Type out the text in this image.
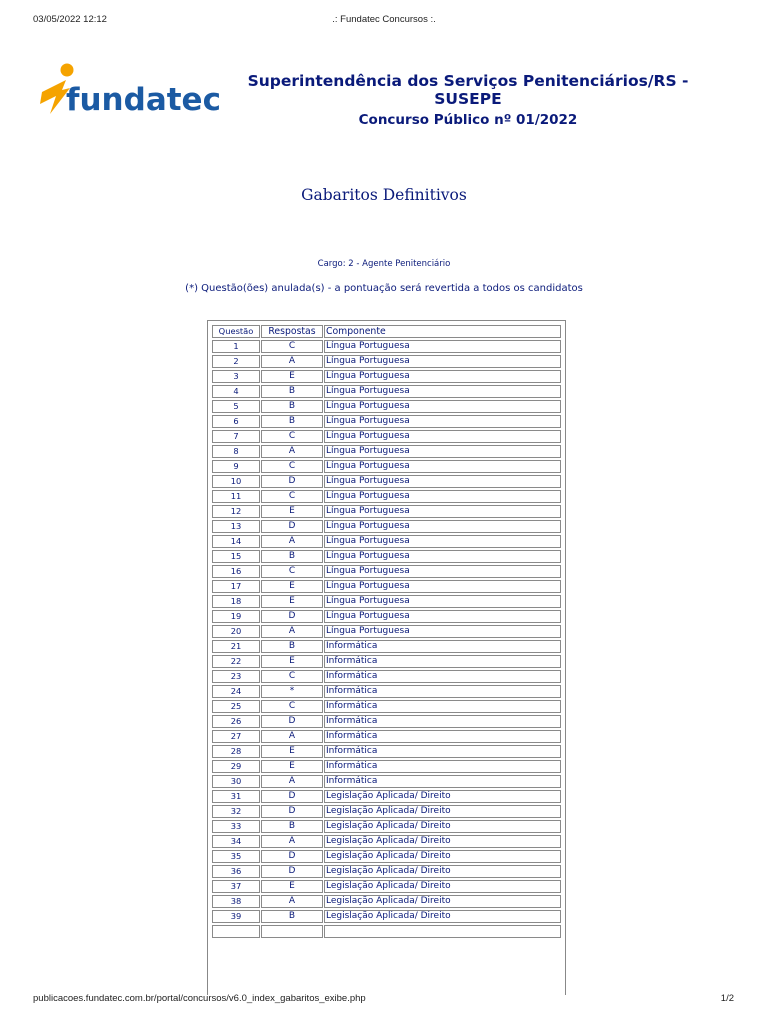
03/05/2022 12:12	.: Fundatec Concursos :.
fundatec
Superintendência dos Serviços Penitenciários/RS -
SUSEPE
Concurso Público nº 01/2022
Gabaritos Definitivos
Cargo: 2 - Agente Penitenciário
(*) Questão(ões) anulada(s) - a pontuação será revertida a todos os candidatos
Questão	Respostas	Componente
1	C	Língua Portuguesa
2	A	Língua Portuguesa
3	E	Língua Portuguesa
4	B	Língua Portuguesa
5	B	Língua Portuguesa
6	B	Língua Portuguesa
7	C	Língua Portuguesa
8	A	Língua Portuguesa
9	C	Língua Portuguesa
10	D	Língua Portuguesa
11	C	Língua Portuguesa
12	E	Língua Portuguesa
13	D	Língua Portuguesa
14	A	Língua Portuguesa
15	B	Língua Portuguesa
16	C	Língua Portuguesa
17	E	Língua Portuguesa
18	E	Língua Portuguesa
19	D	Língua Portuguesa
20	A	Língua Portuguesa
21	B	Informática
22	E	Informática
23	C	Informática
24	*	Informática
25	C	Informática
26	D	Informática
27	A	Informática
28	E	Informática
29	E	Informática
30	A	Informática
31	D	Legislação Aplicada/ Direito
32	D	Legislação Aplicada/ Direito
33	B	Legislação Aplicada/ Direito
34	A	Legislação Aplicada/ Direito
35	D	Legislação Aplicada/ Direito
36	D	Legislação Aplicada/ Direito
37	E	Legislação Aplicada/ Direito
38	A	Legislação Aplicada/ Direito
39	B	Legislação Aplicada/ Direito

publicacoes.fundatec.com.br/portal/concursos/v6.0_index_gabaritos_exibe.php	1/2
